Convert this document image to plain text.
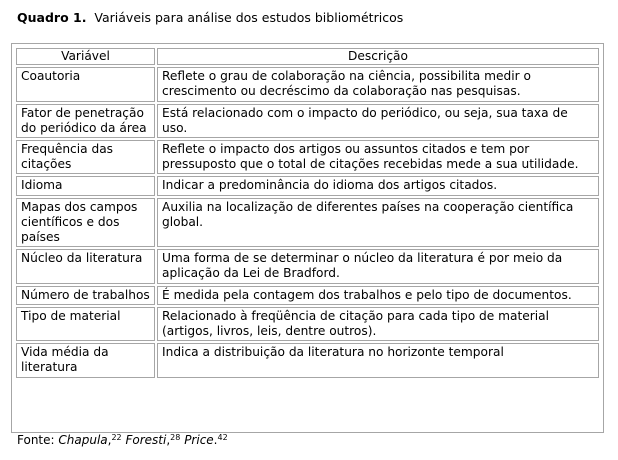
Quadro 1. Variáveis para análise dos estudos bibliométricos
Variável	Descrição
Coautoria	Reflete o grau de colaboração na ciência, possibilita medir o crescimento ou decréscimo da colaboração nas pesquisas.
Fator de penetração do periódico da área	Está relacionado com o impacto do periódico, ou seja, sua taxa de uso.
Frequência das citações	Reflete o impacto dos artigos ou assuntos citados e tem por pressuposto que o total de citações recebidas mede a sua utilidade.
Idioma	Indicar a predominância do idioma dos artigos citados.
Mapas dos campos científicos e dos países	Auxilia na localização de diferentes países na cooperação científica global.
Núcleo da literatura	Uma forma de se determinar o núcleo da literatura é por meio da aplicação da Lei de Bradford.
Número de trabalhos	É medida pela contagem dos trabalhos e pelo tipo de documentos.
Tipo de material	Relacionado à freqüência de citação para cada tipo de material (artigos, livros, leis, dentre outros).
Vida média da literatura	Indica a distribuição da literatura no horizonte temporal
Fonte: Chapula,$^{22}$ Foresti,$^{28}$ Price.$^{42}$
